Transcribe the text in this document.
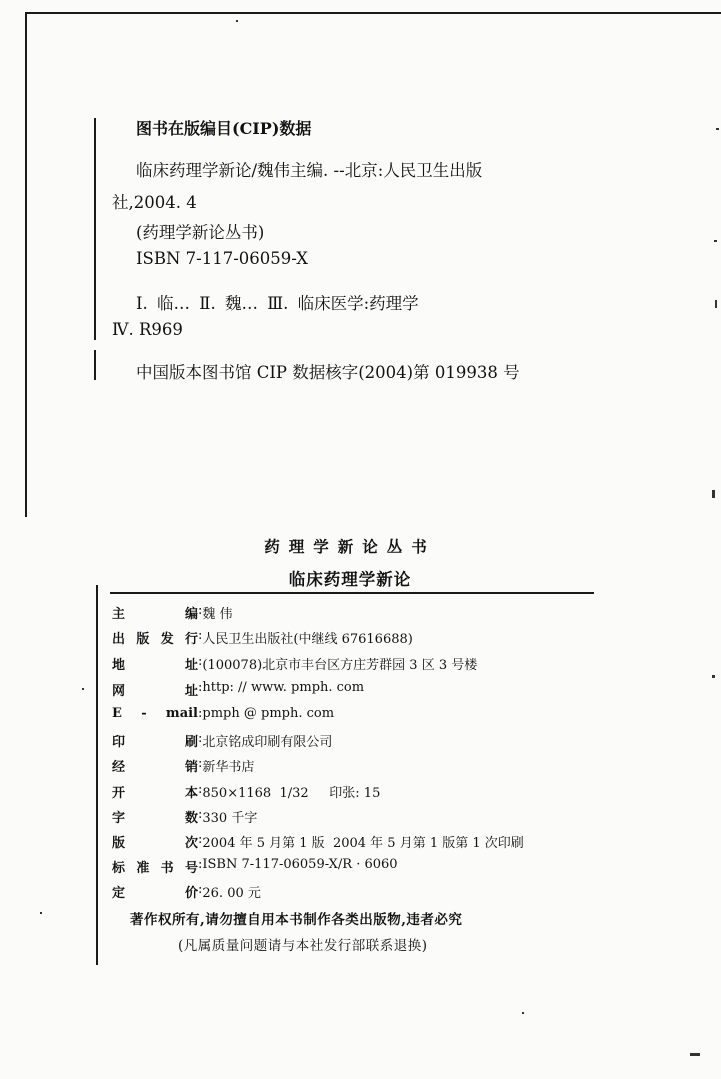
图书在版编目(CIP)数据
临床药理学新论/魏伟主编. --北京:人民卫生出版
社,2004. 4
(药理学新论丛书)
ISBN 7-117-06059-X
Ⅰ. 临… Ⅱ. 魏… Ⅲ. 临床医学:药理学
Ⅳ. R969
中国版本图书馆 CIP 数据核字(2004)第 019938 号
药理学新论丛书
临床药理学新论
主编 : 魏 伟
出版发行 : 人民卫生出版社(中继线 67616688)
地址 : (100078)北京市丰台区方庄芳群园 3 区 3 号楼
网址 : http: // www. pmph. com
E - mail : pmph @ pmph. com
印刷 : 北京铭成印刷有限公司
经销 : 新华书店
开本 : 850×1168  1/32     印张: 15
字数 : 330 千字
版次 : 2004 年 5 月第 1 版  2004 年 5 月第 1 版第 1 次印刷
标准书号 : ISBN 7-117-06059-X/R · 6060
定价 : 26. 00 元
著作权所有,请勿擅自用本书制作各类出版物,违者必究
(凡属质量问题请与本社发行部联系退换)
